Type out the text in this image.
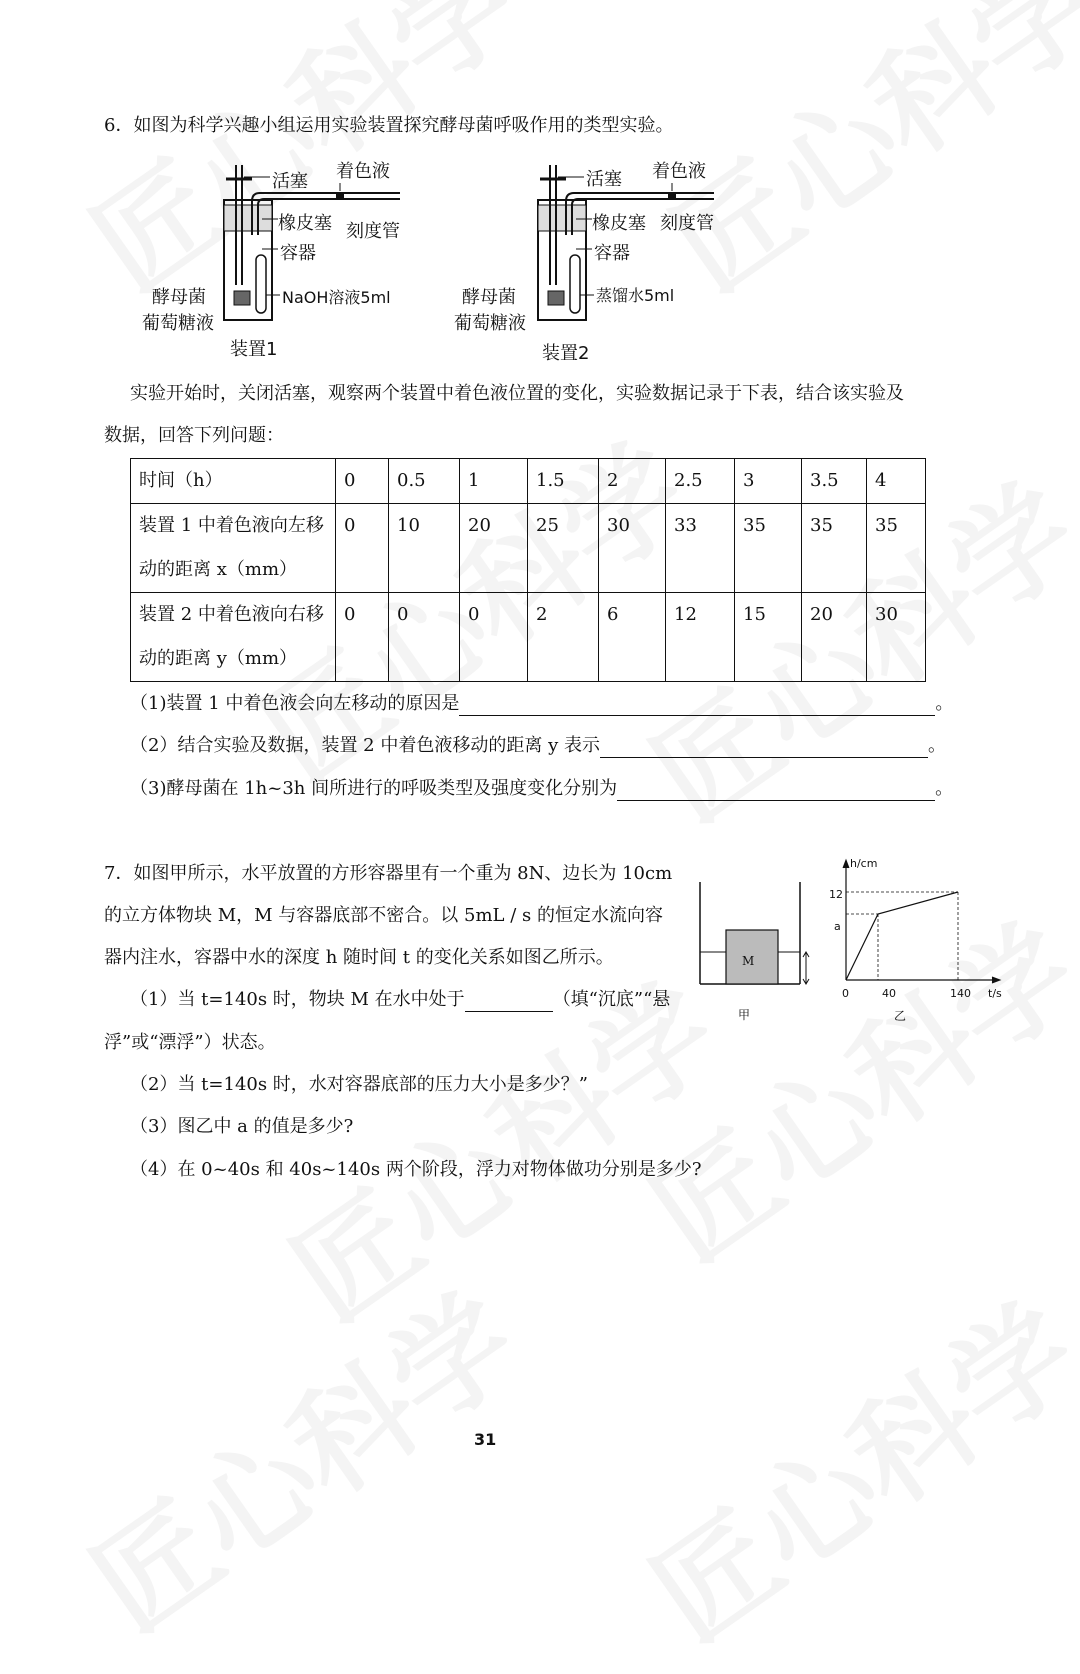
6．如图为科学兴趣小组运用实验装置探究酵母菌呼吸作用的类型实验。
活塞 着色液
橡皮塞 刻度管
容器
NaOH溶液5ml
酵母菌
葡萄糖液
装置1
活塞 着色液
橡皮塞 刻度管
容器
蒸馏水5ml
酵母菌
葡萄糖液
装置2
实验开始时，关闭活塞，观察两个装置中着色液位置的变化，实验数据记录于下表，结合该实验及
数据，回答下列问题：
时间（h）	0	0.5	1	1.5	2	2.5	3	3.5	4
装置 1 中着色液向左移
动的距离 x（mm）	0	10	20	25	30	33	35	35	35
装置 2 中着色液向右移
动的距离 y（mm）	0	0	0	2	6	12	15	20	30
（1)装置 1 中着色液会向左移动的原因是	。
（2）结合实验及数据，装置 2 中着色液移动的距离 y 表示	。
（3)酵母菌在 1h~3h 间所进行的呼吸类型及强度变化分别为	。
7．如图甲所示，水平放置的方形容器里有一个重为 8N、边长为 10cm
的立方体物块 M，M 与容器底部不密合。以 5mL / s 的恒定水流向容
器内注水，容器中水的深度 h 随时间 t 的变化关系如图乙所示。
（1）当 t=140s 时，物块 M 在水中处于	（填“沉底”“悬
浮”或“漂浮”）状态。
（2）当 t=140s 时，水对容器底部的压力大小是多少？”
（3）图乙中 a 的值是多少?
（4）在 0~40s 和 40s~140s 两个阶段，浮力对物体做功分别是多少?
M
甲
h/cm
t/s
12
a
0	40	140
乙
31
